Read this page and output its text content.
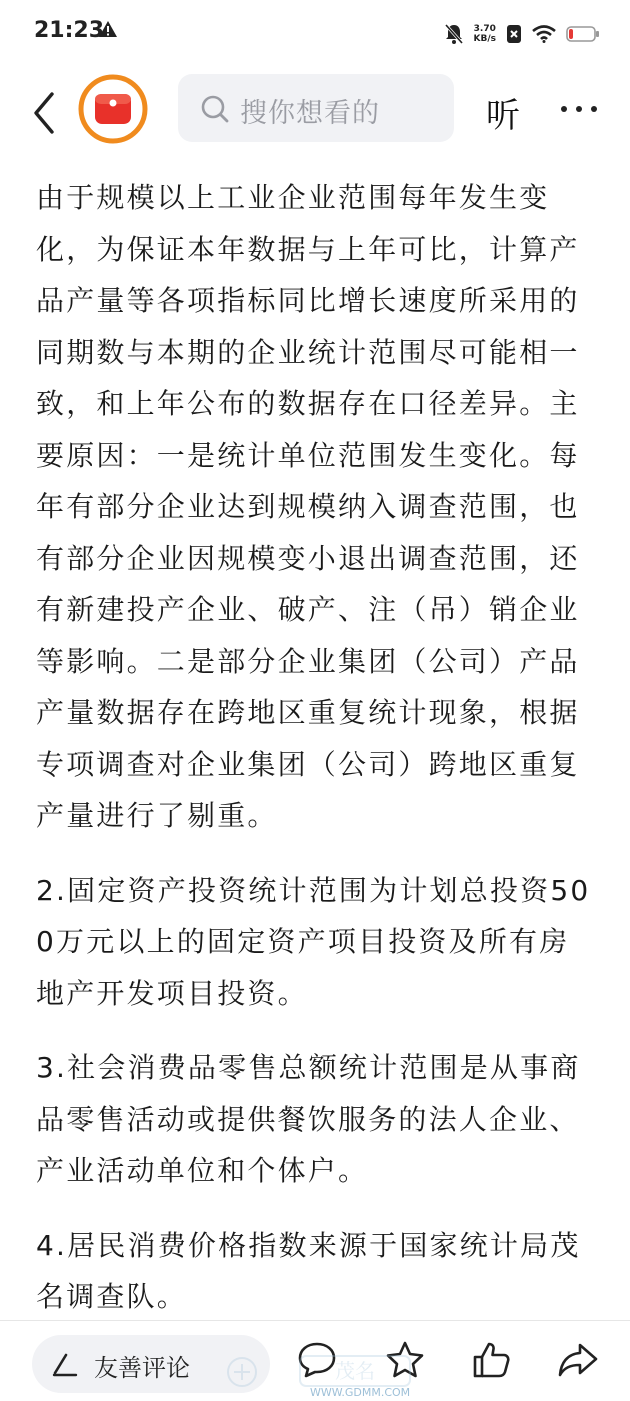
21:23	3.70
KB/s
搜你想看的	听

由于规模以上工业企业范围每年发生变化，为保证本年数据与上年可比，计算产品产量等各项指标同比增长速度所采用的同期数与本期的企业统计范围尽可能相一致，和上年公布的数据存在口径差异。主要原因：一是统计单位范围发生变化。每年有部分企业达到规模纳入调查范围，也有部分企业因规模变小退出调查范围，还有新建投产企业、破产、注（吊）销企业等影响。二是部分企业集团（公司）产品产量数据存在跨地区重复统计现象，根据专项调查对企业集团（公司）跨地区重复产量进行了剔重。

2.固定资产投资统计范围为计划总投资500万元以上的固定资产项目投资及所有房地产开发项目投资。

3.社会消费品零售总额统计范围是从事商品零售活动或提供餐饮服务的法人企业、产业活动单位和个体户。

4.居民消费价格指数来源于国家统计局茂名调查队。

友善评论	茂名
WWW.GDMM.COM
